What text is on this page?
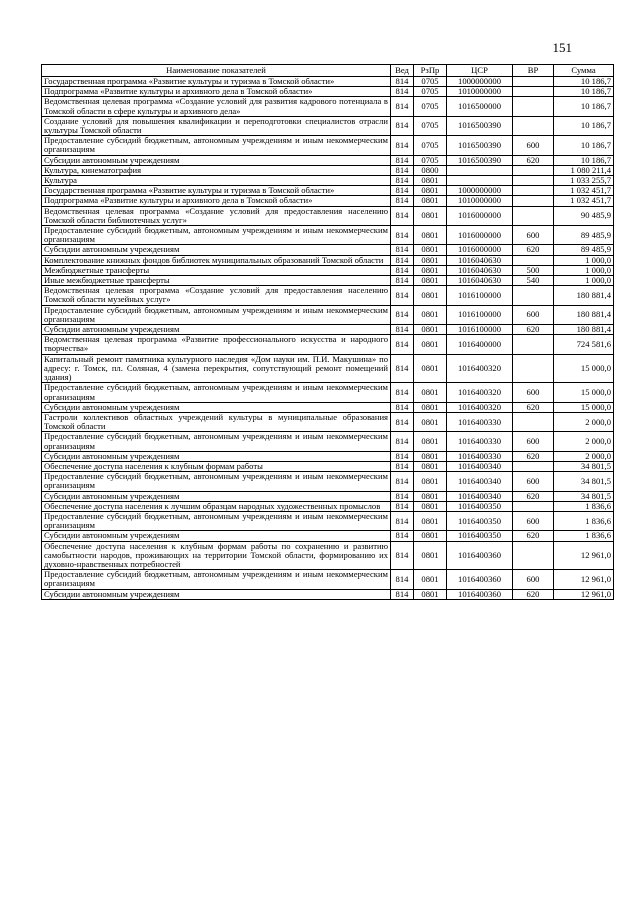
151
Наименование показателей	Вед	РзПр	ЦСР	ВР	Сумма
Государственная программа «Развитие культуры и туризма в Томской области»	814	0705	1000000000		10 186,7
Подпрограмма «Развитие культуры и архивного дела в Томской области»	814	0705	1010000000		10 186,7
Ведомственная целевая программа «Создание условий для развития кадрового потенциала в Томской области в сфере культуры и архивного дела»	814	0705	1016500000		10 186,7
Создание условий для повышения квалификации и переподготовки специалистов отрасли культуры Томской области	814	0705	1016500390		10 186,7
Предоставление субсидий бюджетным, автономным учреждениям и иным некоммерческим организациям	814	0705	1016500390	600	10 186,7
Субсидии автономным учреждениям	814	0705	1016500390	620	10 186,7
Культура, кинематография	814	0800			1 080 211,4
Культура	814	0801			1 033 255,7
Государственная программа «Развитие культуры и туризма в Томской области»	814	0801	1000000000		1 032 451,7
Подпрограмма «Развитие культуры и архивного дела в Томской области»	814	0801	1010000000		1 032 451,7
Ведомственная целевая программа «Создание условий для предоставления населению Томской области библиотечных услуг»	814	0801	1016000000		90 485,9
Предоставление субсидий бюджетным, автономным учреждениям и иным некоммерческим организациям	814	0801	1016000000	600	89 485,9
Субсидии автономным учреждениям	814	0801	1016000000	620	89 485,9
Комплектование книжных фондов библиотек муниципальных образований Томской области	814	0801	1016040630		1 000,0
Межбюджетные трансферты	814	0801	1016040630	500	1 000,0
Иные межбюджетные трансферты	814	0801	1016040630	540	1 000,0
Ведомственная целевая программа «Создание условий для предоставления населению Томской области музейных услуг»	814	0801	1016100000		180 881,4
Предоставление субсидий бюджетным, автономным учреждениям и иным некоммерческим организациям	814	0801	1016100000	600	180 881,4
Субсидии автономным учреждениям	814	0801	1016100000	620	180 881,4
Ведомственная целевая программа «Развитие профессионального искусства и народного творчества»	814	0801	1016400000		724 581,6
Капитальный ремонт памятника культурного наследия «Дом науки им. П.И. Макушина» по адресу: г. Томск, пл. Соляная, 4 (замена перекрытия, сопутствующий ремонт помещений здания)	814	0801	1016400320		15 000,0
Предоставление субсидий бюджетным, автономным учреждениям и иным некоммерческим организациям	814	0801	1016400320	600	15 000,0
Субсидии автономным учреждениям	814	0801	1016400320	620	15 000,0
Гастроли коллективов областных учреждений культуры в муниципальные образования Томской области	814	0801	1016400330		2 000,0
Предоставление субсидий бюджетным, автономным учреждениям и иным некоммерческим организациям	814	0801	1016400330	600	2 000,0
Субсидии автономным учреждениям	814	0801	1016400330	620	2 000,0
Обеспечение доступа населения к клубным формам работы	814	0801	1016400340		34 801,5
Предоставление субсидий бюджетным, автономным учреждениям и иным некоммерческим организациям	814	0801	1016400340	600	34 801,5
Субсидии автономным учреждениям	814	0801	1016400340	620	34 801,5
Обеспечение доступа населения к лучшим образцам народных художественных промыслов	814	0801	1016400350		1 836,6
Предоставление субсидий бюджетным, автономным учреждениям и иным некоммерческим организациям	814	0801	1016400350	600	1 836,6
Субсидии автономным учреждениям	814	0801	1016400350	620	1 836,6
Обеспечение доступа населения к клубным формам работы по сохранению и развитию самобытности народов, проживающих на территории Томской области, формированию их духовно-нравственных потребностей	814	0801	1016400360		12 961,0
Предоставление субсидий бюджетным, автономным учреждениям и иным некоммерческим организациям	814	0801	1016400360	600	12 961,0
Субсидии автономным учреждениям	814	0801	1016400360	620	12 961,0
